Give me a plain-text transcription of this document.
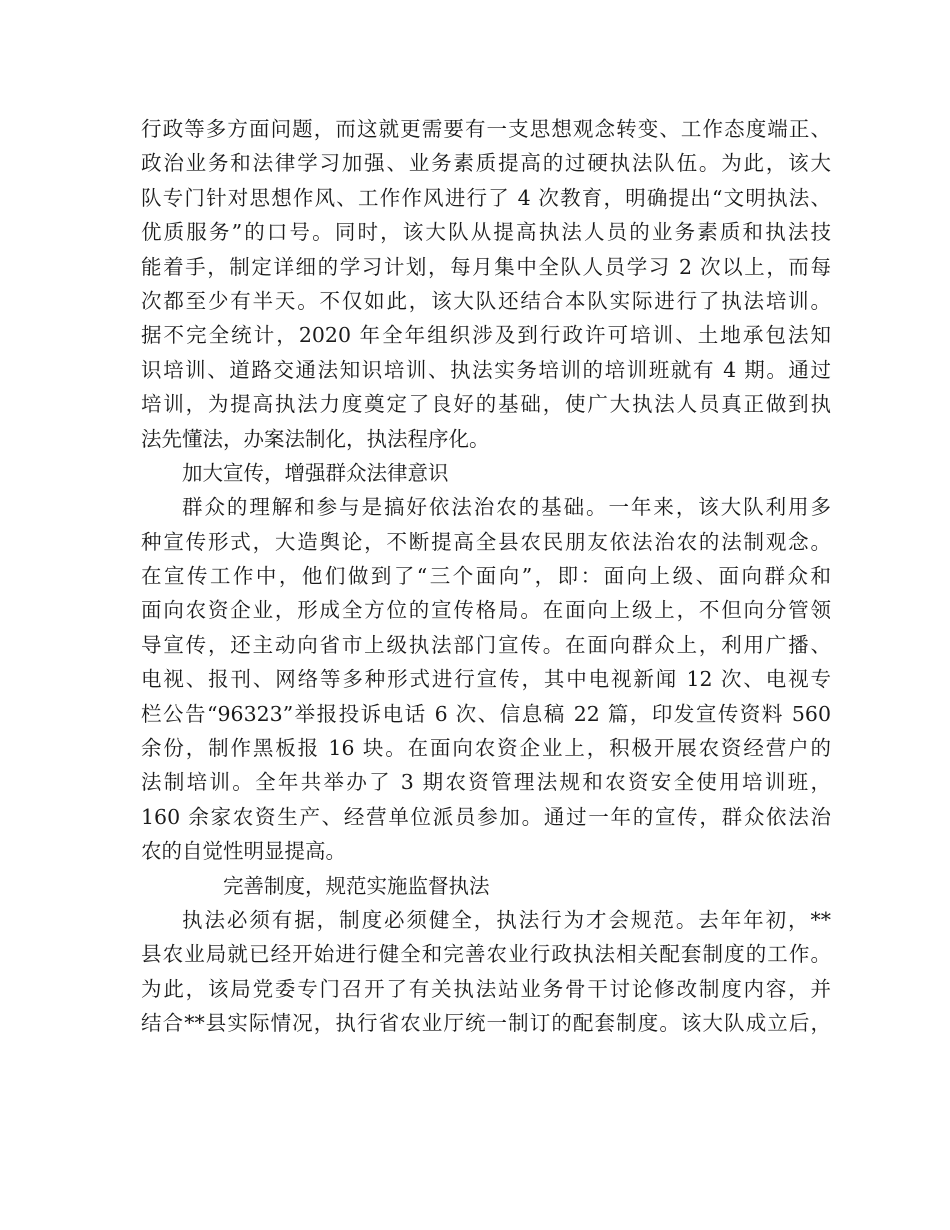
行政等多方面问题，而这就更需要有一支思想观念转变、工作态度端正、
政治业务和法律学习加强、业务素质提高的过硬执法队伍。为此，该大
队专门针对思想作风、工作作风进行了 4 次教育，明确提出“文明执法、
优质服务”的口号。同时，该大队从提高执法人员的业务素质和执法技
能着手，制定详细的学习计划，每月集中全队人员学习 2 次以上，而每
次都至少有半天。不仅如此，该大队还结合本队实际进行了执法培训。
据不完全统计，2020 年全年组织涉及到行政许可培训、土地承包法知
识培训、道路交通法知识培训、执法实务培训的培训班就有 4 期。通过
培训，为提高执法力度奠定了良好的基础，使广大执法人员真正做到执
法先懂法，办案法制化，执法程序化。
加大宣传，增强群众法律意识
群众的理解和参与是搞好依法治农的基础。一年来，该大队利用多
种宣传形式，大造舆论，不断提高全县农民朋友依法治农的法制观念。
在宣传工作中，他们做到了“三个面向”，即：面向上级、面向群众和
面向农资企业，形成全方位的宣传格局。在面向上级上，不但向分管领
导宣传，还主动向省市上级执法部门宣传。在面向群众上，利用广播、
电视、报刊、网络等多种形式进行宣传，其中电视新闻 12 次、电视专
栏公告“96323”举报投诉电话 6 次、信息稿 22 篇，印发宣传资料 560
余份，制作黑板报 16 块。在面向农资企业上，积极开展农资经营户的
法制培训。全年共举办了 3 期农资管理法规和农资安全使用培训班，
160 余家农资生产、经营单位派员参加。通过一年的宣传，群众依法治
农的自觉性明显提高。
完善制度，规范实施监督执法
执法必须有据，制度必须健全，执法行为才会规范。去年年初，**
县农业局就已经开始进行健全和完善农业行政执法相关配套制度的工作。
为此，该局党委专门召开了有关执法站业务骨干讨论修改制度内容，并
结合**县实际情况，执行省农业厅统一制订的配套制度。该大队成立后，
